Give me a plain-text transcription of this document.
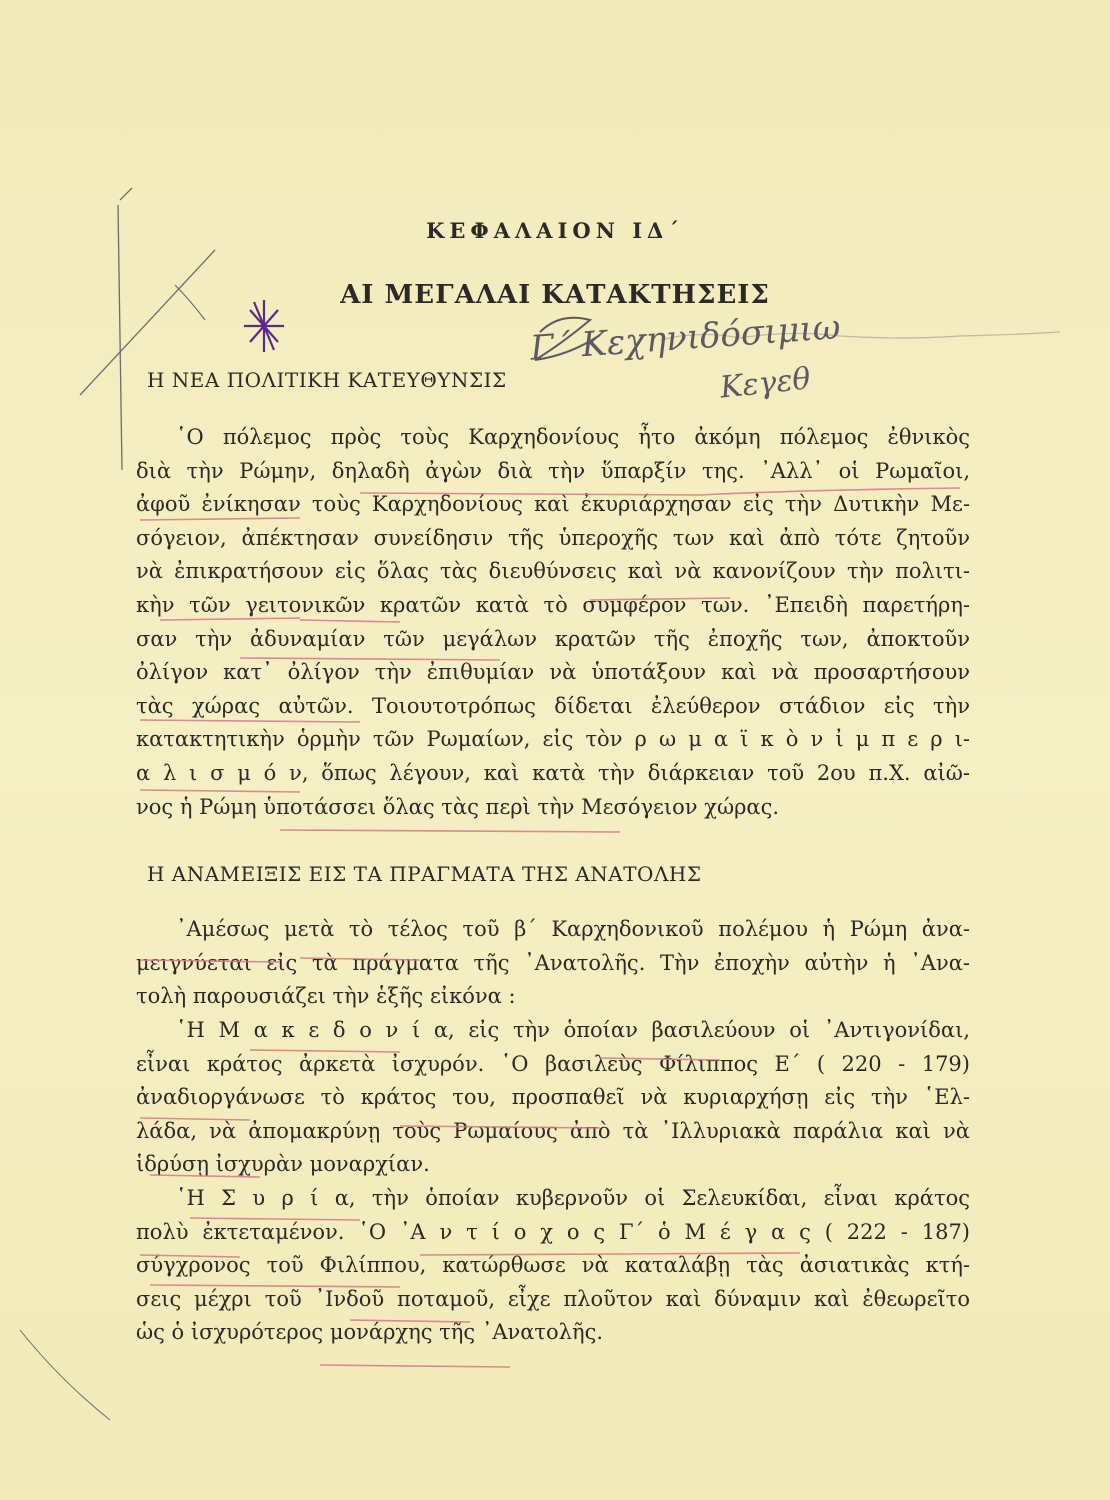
ΚΕΦΑΛΑΙΟΝ ΙΔ΄
ΑΙ ΜΕΓΑΛΑΙ ΚΑΤΑΚΤΗΣΕΙΣ
Γ΄ Κεχηνιδόσιμιω
Κεγεθ
Η ΝΕΑ ΠΟΛΙΤΙΚΗ ΚΑΤΕΥΘΥΝΣΙΣ
῾Ο πόλεμος πρὸς τοὺς Καρχηδονίους ἦτο ἀκόμη πόλεμος ἐθνικὸς
διὰ τὴν Ρώμην, δηλαδὴ ἀγὼν διὰ τὴν ὕπαρξίν της. ᾿Αλλ᾿ οἱ Ρωμαῖοι,
ἀφοῦ ἐνίκησαν τοὺς Καρχηδονίους καὶ ἐκυριάρχησαν εἰς τὴν Δυτικὴν Με-
σόγειον, ἀπέκτησαν συνείδησιν τῆς ὑπεροχῆς των καὶ ἀπὸ τότε ζητοῦν
νὰ ἐπικρατήσουν εἰς ὅλας τὰς διευθύνσεις καὶ νὰ κανονίζουν τὴν πολιτι-
κὴν τῶν γειτονικῶν κρατῶν κατὰ τὸ συμφέρον των. ᾿Επειδὴ παρετήρη-
σαν τὴν ἀδυναμίαν τῶν μεγάλων κρατῶν τῆς ἐποχῆς των, ἀποκτοῦν
ὀλίγον κατ᾿ ὀλίγον τὴν ἐπιθυμίαν νὰ ὑποτάξουν καὶ νὰ προσαρτήσουν
τὰς χώρας αὐτῶν. Τοιουτοτρόπως δίδεται ἐλεύθερον στάδιον εἰς τὴν
κατακτητικὴν ὁρμὴν τῶν Ρωμαίων, εἰς τὸν ρ ω μ α ϊ κ ὸ ν ἰ μ π ε ρ ι-
α λ ι σ μ ό ν, ὅπως λέγουν, καὶ κατὰ τὴν διάρκειαν τοῦ 2ου π.Χ. αἰῶ-
νος ἡ Ρώμη ὑποτάσσει ὅλας τὰς περὶ τὴν Μεσόγειον χώρας.
Η ΑΝΑΜΕΙΞΙΣ ΕΙΣ ΤΑ ΠΡΑΓΜΑΤΑ ΤΗΣ ΑΝΑΤΟΛΗΣ
᾿Αμέσως μετὰ τὸ τέλος τοῦ β΄ Καρχηδονικοῦ πολέμου ἡ Ρώμη ἀνα-
μειγνύεται εἰς τὰ πράγματα τῆς ᾿Ανατολῆς. Τὴν ἐποχὴν αὐτὴν ἡ ᾿Ανα-
τολὴ παρουσιάζει τὴν ἑξῆς εἰκόνα :
῾Η Μ α κ ε δ ο ν ί α, εἰς τὴν ὁποίαν βασιλεύουν οἱ ᾿Αντιγονίδαι,
εἶναι κράτος ἀρκετὰ ἰσχυρόν. ῾Ο βασιλεὺς Φίλιππος Ε΄ ( 220 - 179)
ἀναδιοργάνωσε τὸ κράτος του, προσπαθεῖ νὰ κυριαρχήσῃ εἰς τὴν ῾Ελ-
λάδα, νὰ ἀπομακρύνῃ τοὺς Ρωμαίους ἀπὸ τὰ ᾿Ιλλυριακὰ παράλια καὶ νὰ
ἱδρύσῃ ἰσχυρὰν μοναρχίαν.
῾Η Σ υ ρ ί α, τὴν ὁποίαν κυβερνοῦν οἱ Σελευκίδαι, εἶναι κράτος
πολὺ ἐκτεταμένον. ῾Ο ᾿Α ν τ ί ο χ ο ς Γ΄ ὁ Μ έ γ α ς ( 222 - 187)
σύγχρονος τοῦ Φιλίππου, κατώρθωσε νὰ καταλάβῃ τὰς ἀσιατικὰς κτή-
σεις μέχρι τοῦ ᾿Ινδοῦ ποταμοῦ, εἶχε πλοῦτον καὶ δύναμιν καὶ ἐθεωρεῖτο
ὡς ὁ ἰσχυρότερος μονάρχης τῆς ᾿Ανατολῆς.
